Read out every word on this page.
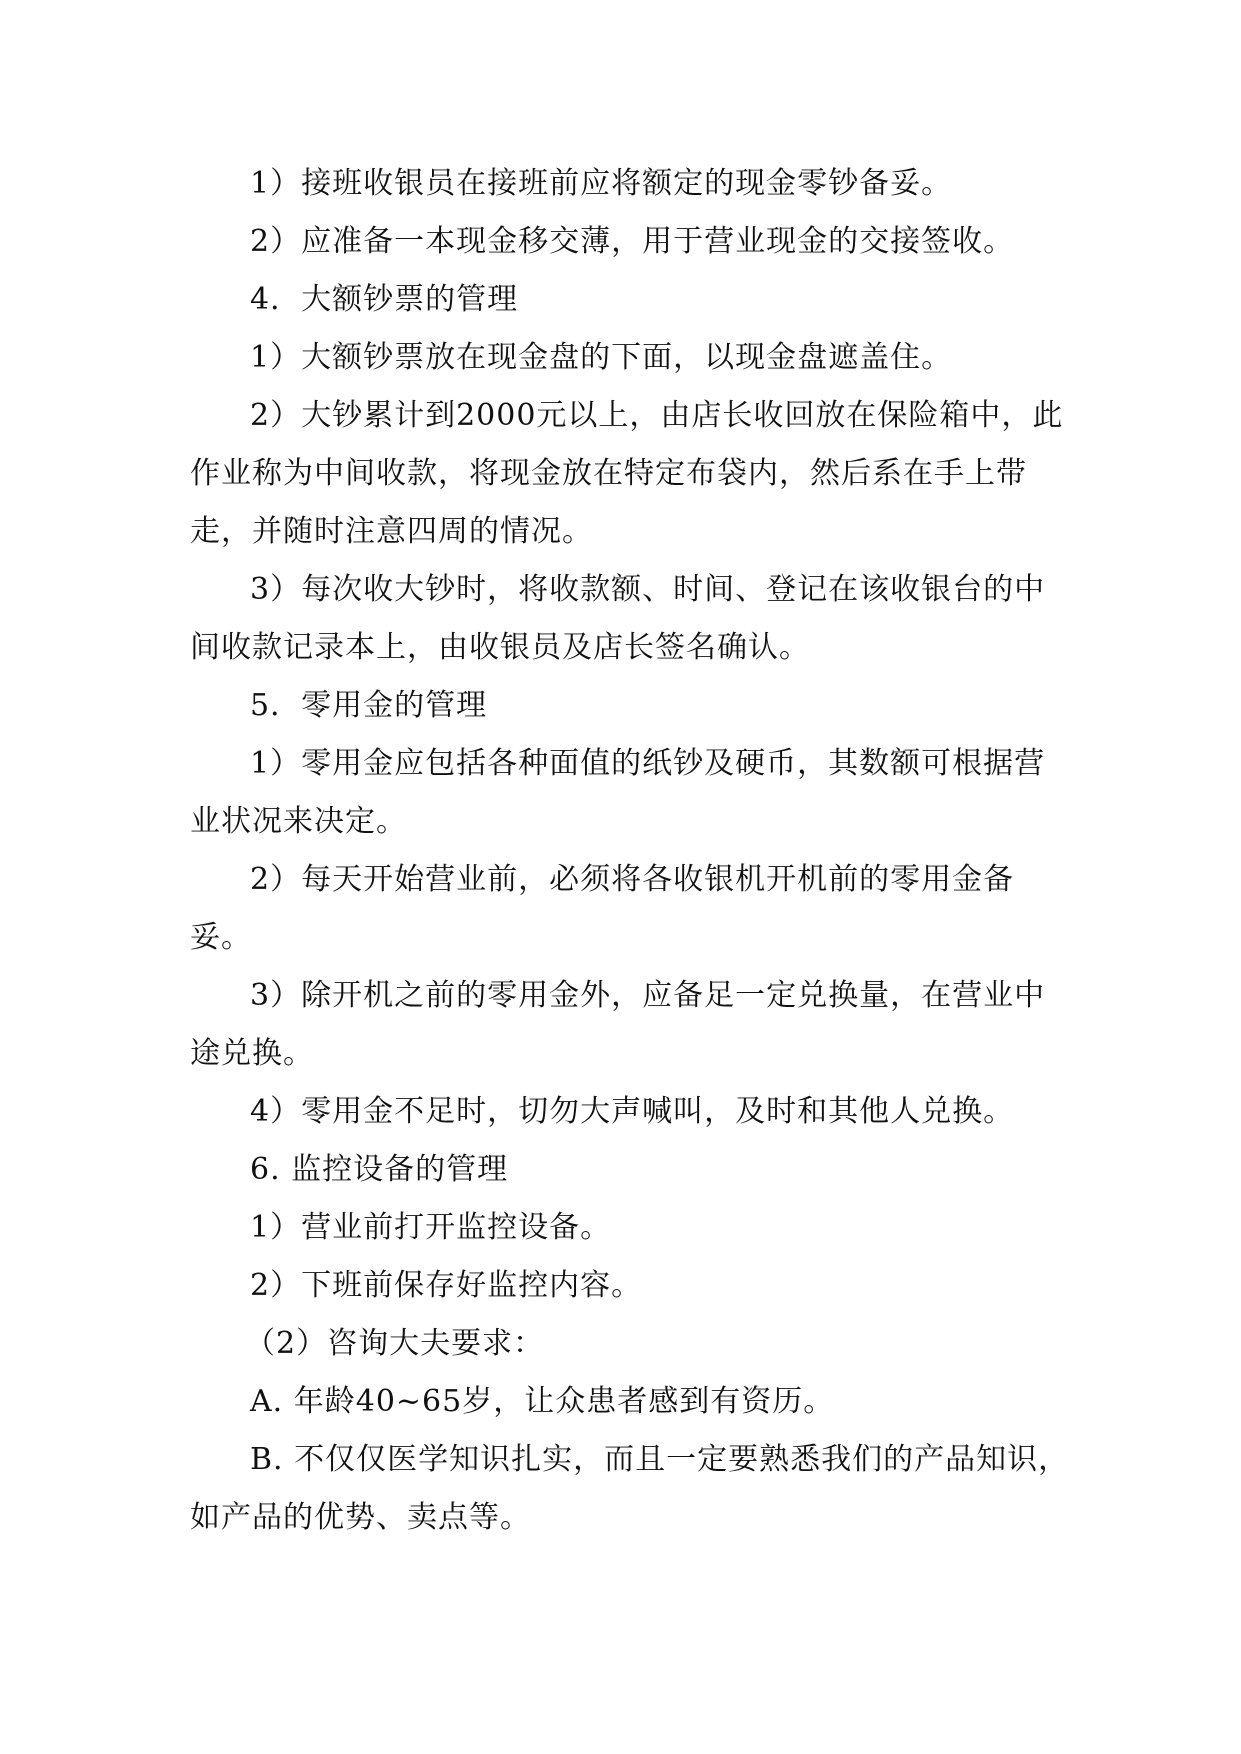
1）接班收银员在接班前应将额定的现金零钞备妥。

2）应准备一本现金移交薄，用于营业现金的交接签收。

4．大额钞票的管理

1）大额钞票放在现金盘的下面，以现金盘遮盖住。

2）大钞累计到2000元以上，由店长收回放在保险箱中，此作业称为中间收款，将现金放在特定布袋内，然后系在手上带走，并随时注意四周的情况。

3）每次收大钞时，将收款额、时间、登记在该收银台的中间收款记录本上，由收银员及店长签名确认。

5．零用金的管理

1）零用金应包括各种面值的纸钞及硬币，其数额可根据营业状况来决定。

2）每天开始营业前，必须将各收银机开机前的零用金备妥。

3）除开机之前的零用金外，应备足一定兑换量，在营业中途兑换。

4）零用金不足时，切勿大声喊叫，及时和其他人兑换。

6. 监控设备的管理

1）营业前打开监控设备。

2）下班前保存好监控内容。

（2）咨询大夫要求：

A. 年龄40~65岁，让众患者感到有资历。

B. 不仅仅医学知识扎实，而且一定要熟悉我们的产品知识，如产品的优势、卖点等。
